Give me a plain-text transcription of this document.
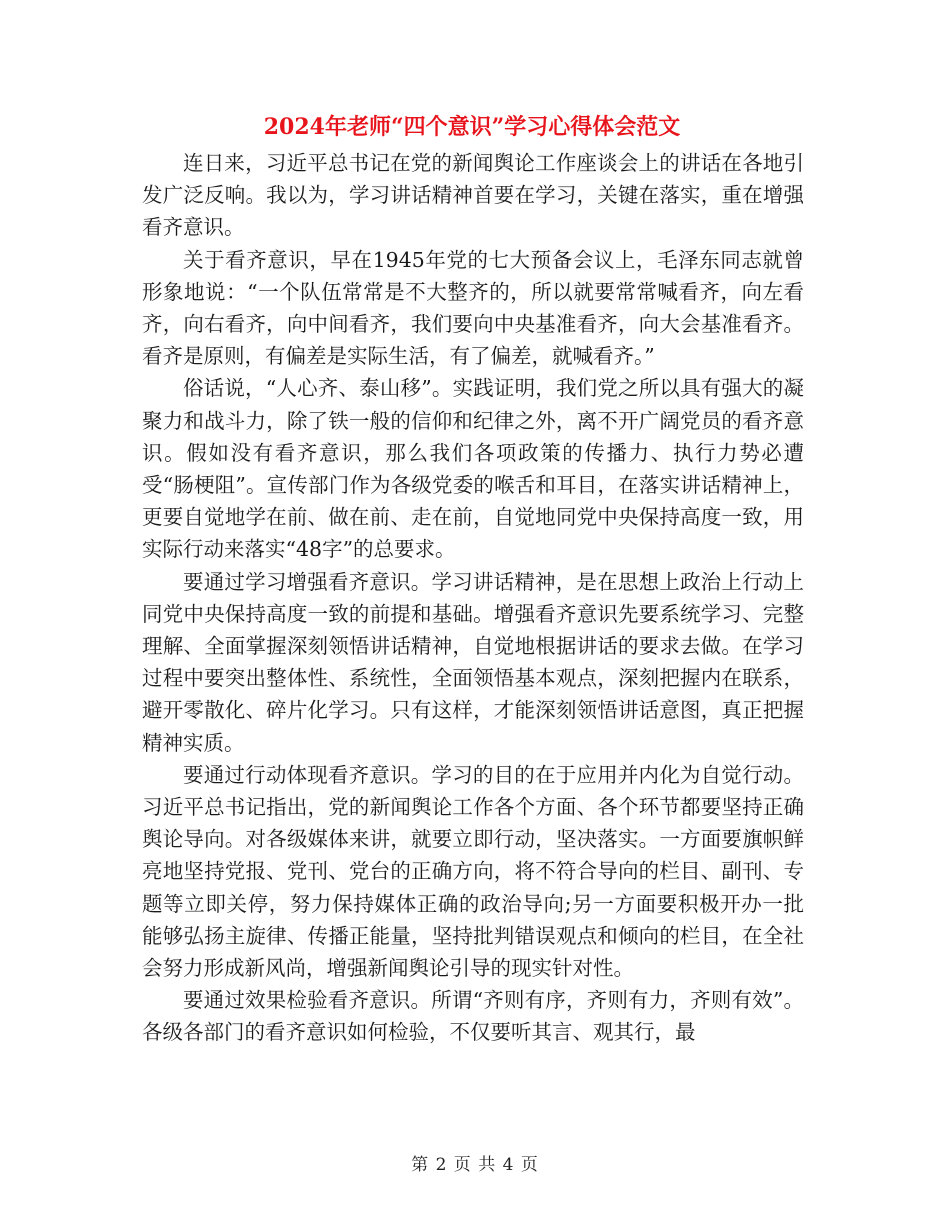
2024年老师“四个意识”学习心得体会范文

连日来，习近平总书记在党的新闻舆论工作座谈会上的讲话在各地引发广泛反响。我以为，学习讲话精神首要在学习，关键在落实，重在增强看齐意识。

关于看齐意识，早在1945年党的七大预备会议上，毛泽东同志就曾形象地说：“一个队伍常常是不大整齐的，所以就要常常喊看齐，向左看齐，向右看齐，向中间看齐，我们要向中央基准看齐，向大会基准看齐。看齐是原则，有偏差是实际生活，有了偏差，就喊看齐。”

俗话说，“人心齐、泰山移”。实践证明，我们党之所以具有强大的凝聚力和战斗力，除了铁一般的信仰和纪律之外，离不开广阔党员的看齐意识。假如没有看齐意识，那么我们各项政策的传播力、执行力势必遭受“肠梗阻”。宣传部门作为各级党委的喉舌和耳目，在落实讲话精神上，更要自觉地学在前、做在前、走在前，自觉地同党中央保持高度一致，用实际行动来落实“48字”的总要求。

要通过学习增强看齐意识。学习讲话精神，是在思想上政治上行动上同党中央保持高度一致的前提和基础。增强看齐意识先要系统学习、完整理解、全面掌握深刻领悟讲话精神，自觉地根据讲话的要求去做。在学习过程中要突出整体性、系统性，全面领悟基本观点，深刻把握内在联系，避开零散化、碎片化学习。只有这样，才能深刻领悟讲话意图，真正把握精神实质。

要通过行动体现看齐意识。学习的目的在于应用并内化为自觉行动。习近平总书记指出，党的新闻舆论工作各个方面、各个环节都要坚持正确舆论导向。对各级媒体来讲，就要立即行动，坚决落实。一方面要旗帜鲜亮地坚持党报、党刊、党台的正确方向，将不符合导向的栏目、副刊、专题等立即关停，努力保持媒体正确的政治导向;另一方面要积极开办一批能够弘扬主旋律、传播正能量，坚持批判错误观点和倾向的栏目，在全社会努力形成新风尚，增强新闻舆论引导的现实针对性。

要通过效果检验看齐意识。所谓“齐则有序，齐则有力，齐则有效”。各级各部门的看齐意识如何检验，不仅要听其言、观其行，最

第 2 页 共 4 页
